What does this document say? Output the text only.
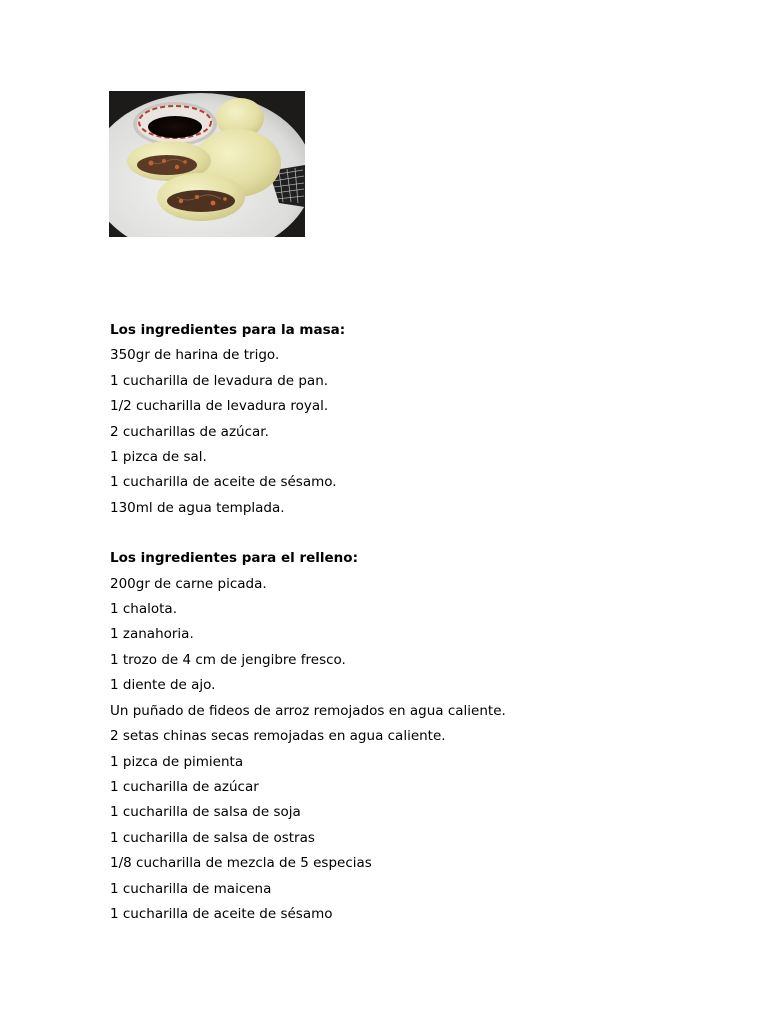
Los ingredientes para la masa:

350gr de harina de trigo.
1 cucharilla de levadura de pan.
1/2 cucharilla de levadura royal.
2 cucharillas de azúcar.
1 pizca de sal.
1 cucharilla de aceite de sésamo.
130ml de agua templada.

Los ingredientes para el relleno:

200gr de carne picada.
1 chalota.
1 zanahoria.
1 trozo de 4 cm de jengibre fresco.
1 diente de ajo.
Un puñado de fideos de arroz remojados en agua caliente.
2 setas chinas secas remojadas en agua caliente.
1 pizca de pimienta
1 cucharilla de azúcar
1 cucharilla de salsa de soja
1 cucharilla de salsa de ostras
1/8 cucharilla de mezcla de 5 especias
1 cucharilla de maicena
1 cucharilla de aceite de sésamo
